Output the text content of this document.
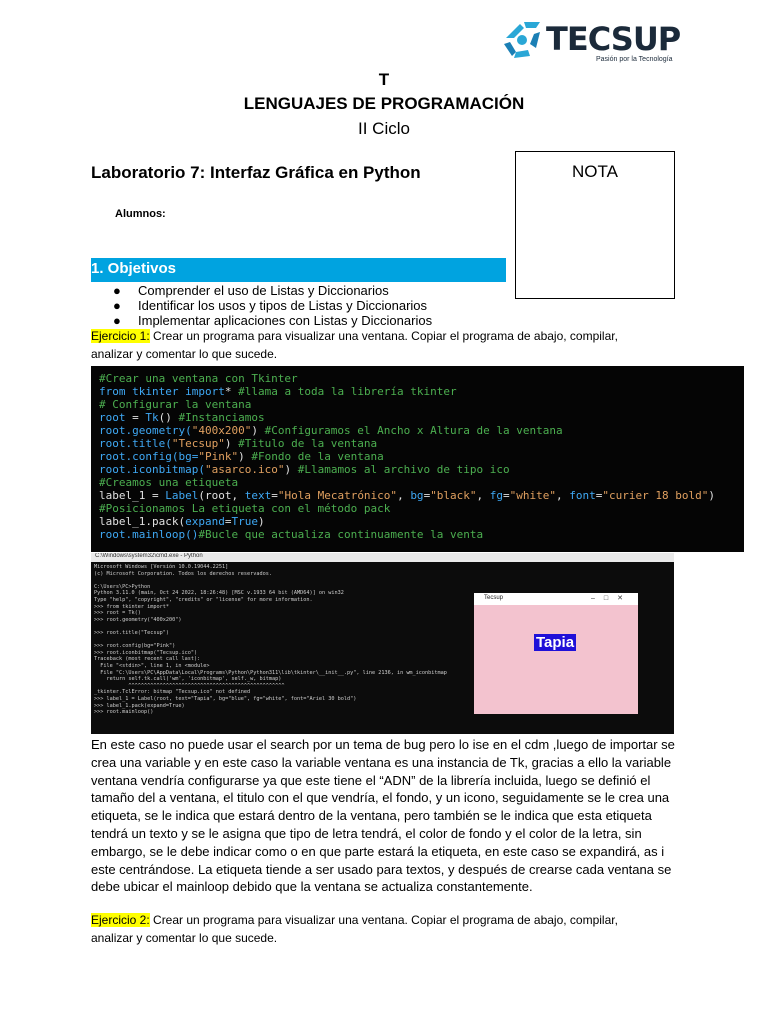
TECSUP
Pasión por la Tecnología
T
LENGUAJES DE PROGRAMACIÓN
II Ciclo
Laboratorio 7: Interfaz Gráfica en Python	NOTA
Alumnos:
1. Objetivos
● Comprender el uso de Listas y Diccionarios
● Identificar los usos y tipos de Listas y Diccionarios
● Implementar aplicaciones con Listas y Diccionarios
Ejercicio 1: Crear un programa para visualizar una ventana. Copiar el programa de abajo, compilar,
analizar y comentar lo que sucede.
#Crear una ventana con Tkinter
from tkinter import* #llama a toda la librería tkinter
# Configurar la ventana
root = Tk() #Instanciamos
root.geometry("400x200") #Configuramos el Ancho x Altura de la ventana
root.title("Tecsup") #Titulo de la ventana
root.config(bg="Pink") #Fondo de la ventana
root.iconbitmap("asarco.ico") #Llamamos al archivo de tipo ico
#Creamos una etiqueta
label_1 = Label(root, text="Hola Mecatrónico", bg="black", fg="white", font="curier 18 bold")
#Posicionamos La etiqueta con el método pack
label_1.pack(expand=True)
root.mainloop()#Bucle que actualiza continuamente la venta
C:\Windows\system32\cmd.exe - Python
Microsoft Windows [Versión 10.0.19044.2251]
(c) Microsoft Corporation. Todos los derechos reservados.
C:\Users\PC>Python
Python 3.11.0 (main, Oct 24 2022, 18:26:48) [MSC v.1933 64 bit (AMD64)] on win32
Type "help", "copyright", "credits" or "license" for more information.
>>> from tkinter import*
>>> root = Tk()
>>> root.geometry("400x200")
>>> root.title("Tecsup")
>>> root.config(bg="Pink")
>>> root.iconbitmap("Tecsup.ico")
Traceback (most recent call last):
File "<stdin>", line 1, in <module>
File "C:\Users\PC\AppData\Local\Programs\Python\Python311\lib\tkinter\__init__.py", line 2136, in wm_iconbitmap
return self.tk.call('wm', 'iconbitmap', self._w, bitmap)
^^^^^^^^^^^^^^^^^^^^^^^^^^^^^^^^^^^^^^^^^^^^^^^^^^
_tkinter.TclError: bitmap "Tecsup.ico" not defined
>>> label_1 = Label(root, text="Tapia", bg="blue", fg="white", font="Ariel 30 bold")
>>> label_1.pack(expand=True)
>>> root.mainloop()
Tecsup	–□✕
Tapia
En este caso no puede usar el search por un tema de bug pero lo ise en el cdm ,luego de importar se crea una variable y en este caso la variable ventana es una instancia de Tk, gracias a ello la variable ventana vendría configurarse ya que este tiene el “ADN” de la librería incluida, luego se definió el tamaño del a ventana, el titulo con el que vendría, el fondo, y un icono, seguidamente se le crea una etiqueta, se le indica que estará dentro de la ventana, pero también se le indica que esta etiqueta tendrá un texto y se le asigna que tipo de letra tendrá, el color de fondo y el color de la letra, sin embargo, se le debe indicar como o en que parte estará la etiqueta, en este caso se expandirá, as i este centrándose. La etiqueta tiende a ser usado para textos, y después de crearse cada ventana se debe ubicar el mainloop debido que la ventana se actualiza constantemente.
Ejercicio 2: Crear un programa para visualizar una ventana. Copiar el programa de abajo, compilar,
analizar y comentar lo que sucede.
